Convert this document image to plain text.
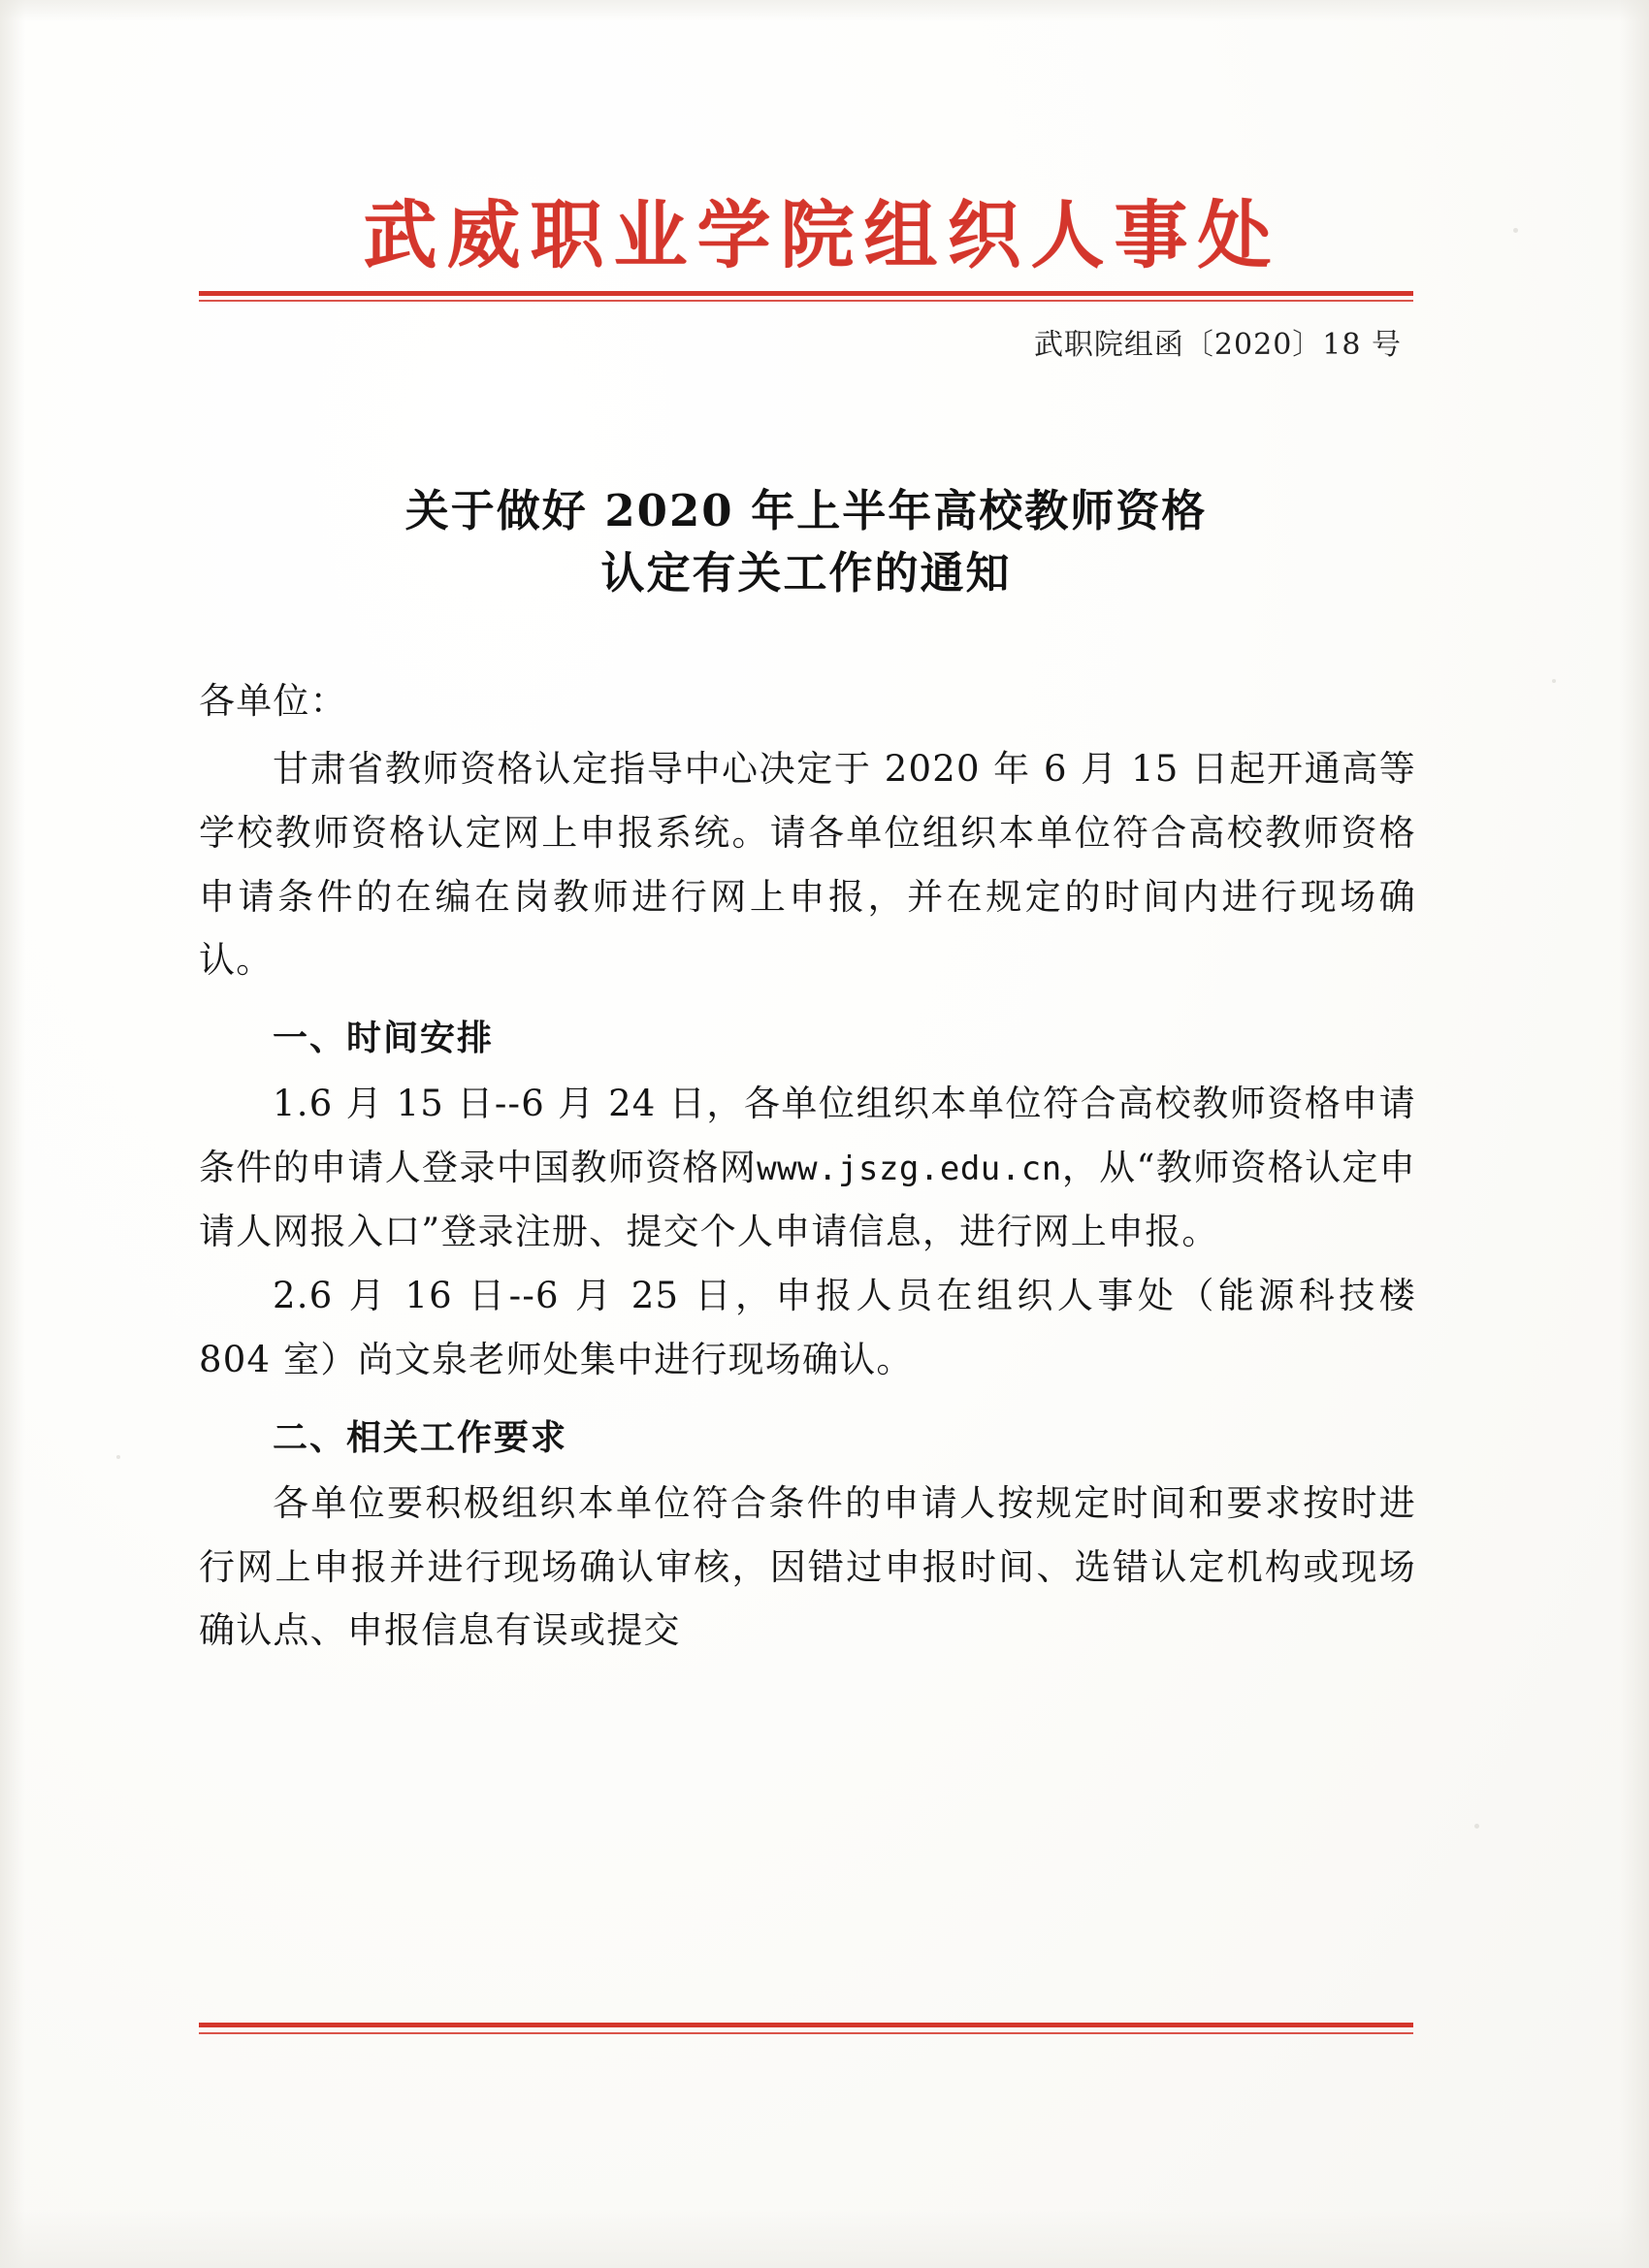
武威职业学院组织人事处
武职院组函〔2020〕18 号
关于做好 2020 年上半年高校教师资格
认定有关工作的通知

各单位：

甘肃省教师资格认定指导中心决定于 2020 年 6 月 15 日起开通高等学校教师资格认定网上申报系统。请各单位组织本单位符合高校教师资格申请条件的在编在岗教师进行网上申报，并在规定的时间内进行现场确认。

一、时间安排

1.6 月 15 日--6 月 24 日，各单位组织本单位符合高校教师资格申请条件的申请人登录中国教师资格网www.jszg.edu.cn，从“教师资格认定申请人网报入口”登录注册、提交个人申请信息，进行网上申报。

2.6 月 16 日--6 月 25 日，申报人员在组织人事处（能源科技楼 804 室）尚文泉老师处集中进行现场确认。

二、相关工作要求

各单位要积极组织本单位符合条件的申请人按规定时间和要求按时进行网上申报并进行现场确认审核，因错过申报时间、选错认定机构或现场确认点、申报信息有误或提交
